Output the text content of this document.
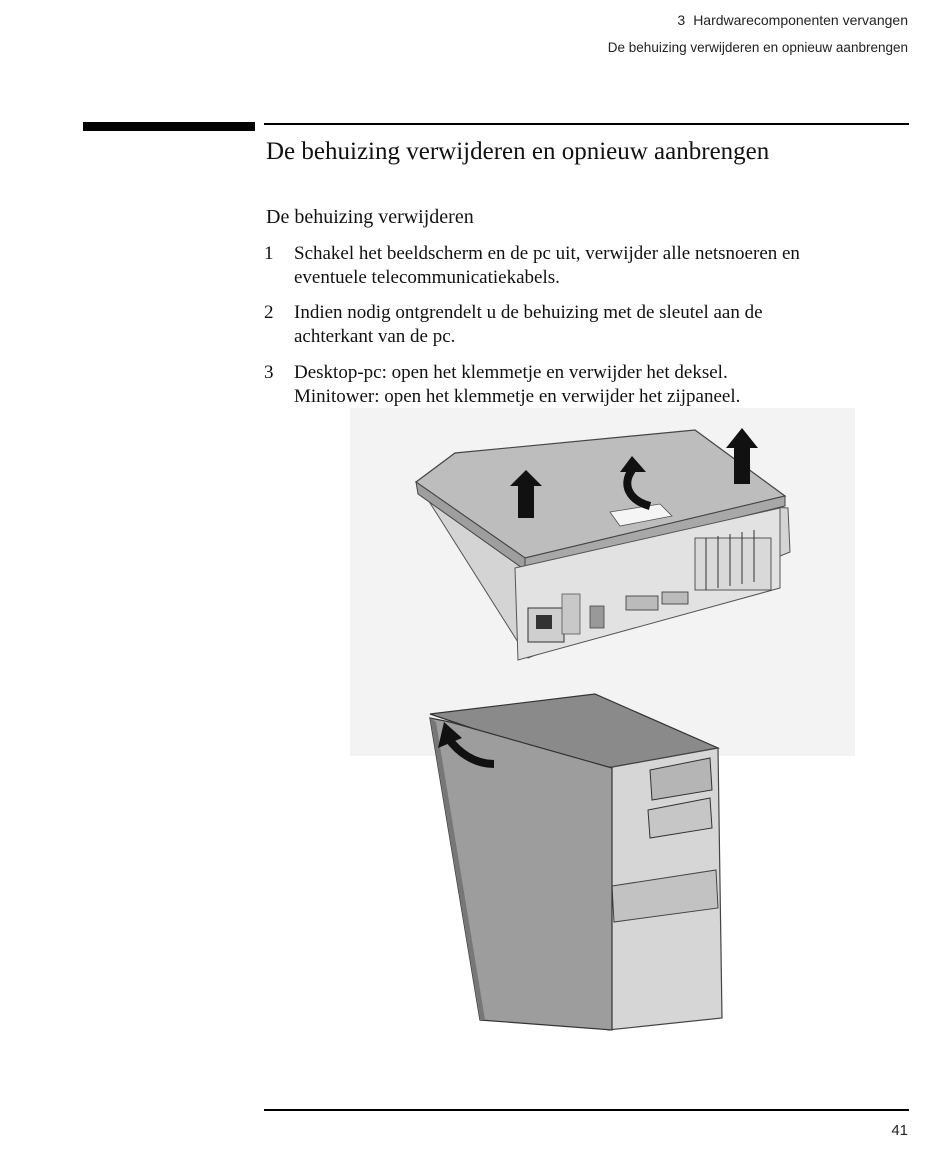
3 Hardwarecomponenten vervangen
De behuizing verwijderen en opnieuw aanbrengen
De behuizing verwijderen en opnieuw aanbrengen
De behuizing verwijderen
1	Schakel het beeldscherm en de pc uit, verwijder alle netsnoeren en
eventuele telecommunicatiekabels.
2	Indien nodig ontgrendelt u de behuizing met de sleutel aan de
achterkant van de pc.
3	Desktop-pc: open het klemmetje en verwijder het deksel.
Minitower: open het klemmetje en verwijder het zijpaneel.
41
